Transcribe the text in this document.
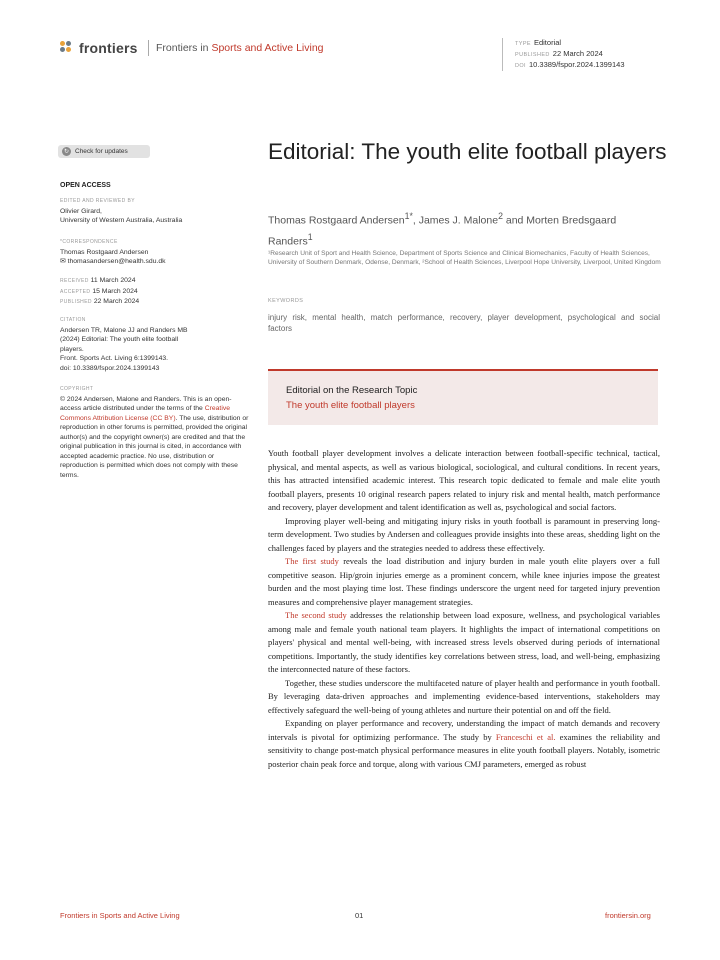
frontiers Frontiers in Sports and Active Living	TYPE Editorial
PUBLISHED 22 March 2024
DOI 10.3389/fspor.2024.1399143
↻ Check for updates
OPEN ACCESS
EDITED AND REVIEWED BY
Olivier Girard,
University of Western Australia, Australia
*CORRESPONDENCE
Thomas Rostgaard Andersen
✉ thomasandersen@health.sdu.dk
RECEIVED 11 March 2024
ACCEPTED 15 March 2024
PUBLISHED 22 March 2024
CITATION
Andersen TR, Malone JJ and Randers MB
(2024) Editorial: The youth elite football
players.
Front. Sports Act. Living 6:1399143.
doi: 10.3389/fspor.2024.1399143
COPYRIGHT
© 2024 Andersen, Malone and Randers. This is an open-access article distributed under the terms of the Creative Commons Attribution License (CC BY). The use, distribution or reproduction in other forums is permitted, provided the original author(s) and the copyright owner(s) are credited and that the original publication in this journal is cited, in accordance with accepted academic practice. No use, distribution or reproduction is permitted which does not comply with these terms.
Editorial: The youth elite football players
Thomas Rostgaard Andersen$^{1*}$, James J. Malone$^2$ and Morten Bredsgaard Randers$^1$
¹Research Unit of Sport and Health Science, Department of Sports Science and Clinical Biomechanics, Faculty of Health Sciences, University of Southern Denmark, Odense, Denmark, ²School of Health Sciences, Liverpool Hope University, Liverpool, United Kingdom
KEYWORDS
injury risk, mental health, match performance, recovery, player development, psychological and social factors
Editorial on the Research Topic
The youth elite football players

Youth football player development involves a delicate interaction between football-specific technical, tactical, physical, and mental aspects, as well as various biological, sociological, and cultural conditions. In recent years, this has attracted intensified academic interest. This research topic dedicated to female and male elite youth football players, presents 10 original research papers related to injury risk and mental health, match performance and recovery, player development and talent identification as well as, psychological and social factors.

Improving player well-being and mitigating injury risks in youth football is paramount in preserving long-term development. Two studies by Andersen and colleagues provide insights into these areas, shedding light on the challenges faced by players and the strategies needed to address these effectively.

The first study reveals the load distribution and injury burden in male youth elite players over a full competitive season. Hip/groin injuries emerge as a prominent concern, while knee injuries impose the greatest burden and the most playing time lost. These findings underscore the urgent need for targeted injury prevention measures and comprehensive player management strategies.

The second study addresses the relationship between load exposure, wellness, and psychological variables among male and female youth national team players. It highlights the impact of international competitions on players' physical and mental well-being, with increased stress levels observed during periods of international competitions. Importantly, the study identifies key correlations between stress, load, and well-being, emphasizing the interconnected nature of these factors.

Together, these studies underscore the multifaceted nature of player health and performance in youth football. By leveraging data-driven approaches and implementing evidence-based interventions, stakeholders may effectively safeguard the well-being of young athletes and nurture their potential on and off the field.

Expanding on player performance and recovery, understanding the impact of match demands and recovery intervals is pivotal for optimizing performance. The study by Franceschi et al. examines the reliability and sensitivity to change post-match physical performance measures in elite youth football players. Notably, isometric posterior chain peak force and torque, along with various CMJ parameters, emerged as robust

Frontiers in Sports and Active Living	01	frontiersin.org
